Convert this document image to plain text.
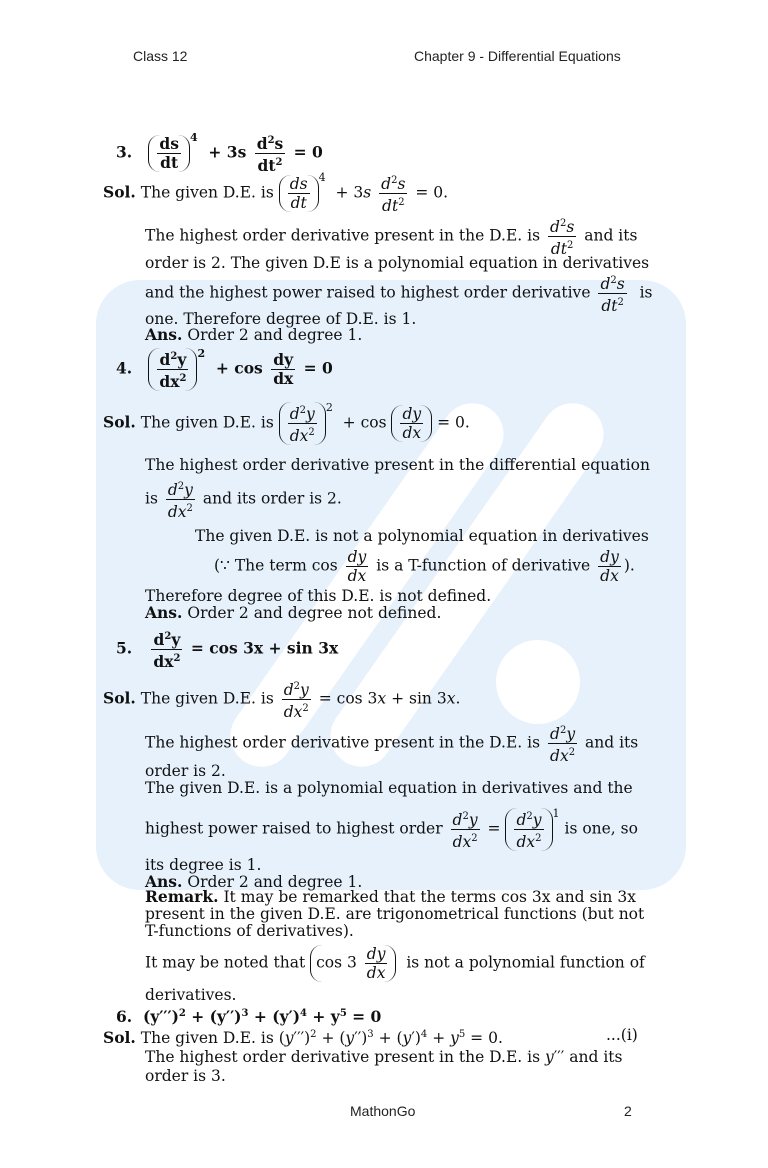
Class 12	Chapter 9 - Differential Equations
3. $\frac{ds}{dt} ^4 + 3s \frac{d^2s}{dt^2} = 0$
Sol. The given D.E. is $\frac{ds}{dt} ^4 + 3s \frac{d^2s}{dt^2} = 0$.
The highest order derivative present in the D.E. is $\frac{d^2s}{dt^2}$ and its
order is 2. The given D.E is a polynomial equation in derivatives
and the highest power raised to highest order derivative $\frac{d^2s}{dt^2}$ is
one. Therefore degree of D.E. is 1.
Ans. Order 2 and degree 1.
4. $\frac{d^2y}{dx^2} ^2 + \cos \frac{dy}{dx} = 0$
Sol. The given D.E. is $\frac{d^2y}{dx^2} ^2 + \cos \frac{dy}{dx} = 0$.
The highest order derivative present in the differential equation
is $\frac{d^2y}{dx^2}$ and its order is 2.
The given D.E. is not a polynomial equation in derivatives
(∵ The term $\cos \frac{dy}{dx}$ is a T-function of derivative $\frac{dy}{dx}$ ).
Therefore degree of this D.E. is not defined.
Ans. Order 2 and degree not defined.
5. $\frac{d^2y}{dx^2} = \cos 3x + \sin 3x$
Sol. The given D.E. is $\frac{d^2y}{dx^2} = \cos 3x + \sin 3x$.
The highest order derivative present in the D.E. is $\frac{d^2y}{dx^2}$ and its
order is 2.
The given D.E. is a polynomial equation in derivatives and the
highest power raised to highest order $\frac{d^2y}{dx^2} = \frac{d^2y}{dx^2} ^1$ is one, so
its degree is 1.
Ans. Order 2 and degree 1.
Remark. It may be remarked that the terms cos 3x and sin 3x
present in the given D.E. are trigonometrical functions (but not
T-functions of derivatives).
It may be noted that $\cos 3 \frac{dy}{dx}$ is not a polynomial function of
derivatives.
6.  $(y''')^2 + (y'')^3 + (y')^4 + y^5 = 0$
Sol. The given D.E. is $(y''')^2 + (y'')^3 + (y')^4 + y^5 = 0$.	...(i)
The highest order derivative present in the D.E. is y′′′ and its
order is 3.
MathonGo	2
